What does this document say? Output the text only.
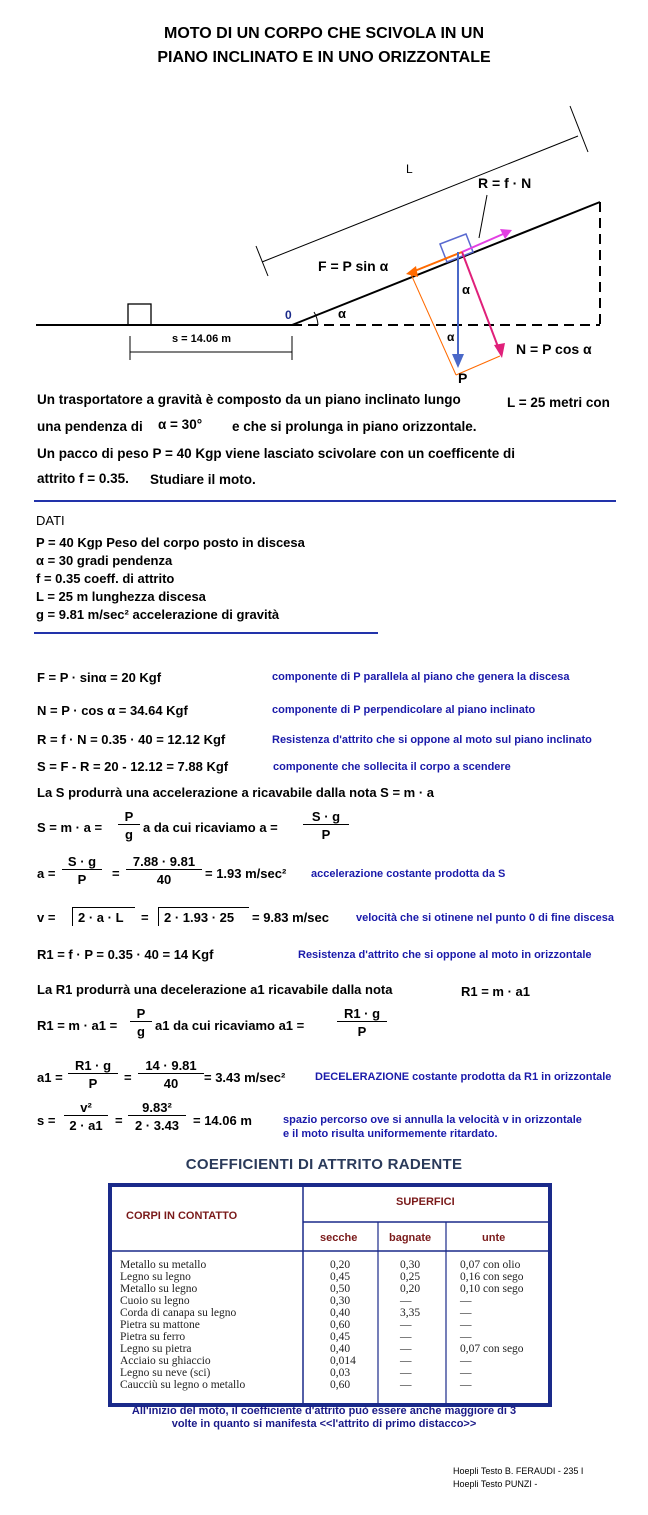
MOTO DI UN CORPO CHE SCIVOLA IN UN
PIANO INCLINATO E IN UNO ORIZZONTALE
L
R = f · N
F = P sin α
α
α
0
α
N = P cos α
P
s = 14.06 m
Un trasportatore a gravità è composto da un piano inclinato lungo	L = 25 metri con
una pendenza di α = 30° e che si prolunga in piano orizzontale.
Un pacco di peso P = 40 Kgp viene lasciato scivolare con un coefficente di
attrito f = 0.35. Studiare il moto.
DATI
P = 40 Kgp Peso del corpo posto in discesa
α = 30 gradi pendenza
f = 0.35 coeff. di attrito
L = 25 m lunghezza discesa
g = 9.81 m/sec² accelerazione di gravità
F = P · sinα = 20 Kgf	componente di P parallela al piano che genera la discesa
N = P · cos α = 34.64 Kgf	componente di P perpendicolare al piano inclinato
R = f · N = 0.35 · 40 = 12.12 Kgf	Resistenza d'attrito che si oppone al moto sul piano inclinato
S = F - R = 20 - 12.12 = 7.88 Kgf	componente che sollecita il corpo a scendere
La S produrrà una accelerazione a ricavabile dalla nota S = m · a
$S = m \cdot a = \frac{P}{g}$ a da cui ricaviamo $a = \frac{S \cdot g}{P}$
$a = \frac{S \cdot g}{P} = \frac{7.88 \cdot 9.81}{40} = 1.93$ m/sec² accelerazione costante prodotta da S
v = 2 · a · L = 2 · 1.93 · 25 = 9.83 m/sec velocità che si otinene nel punto 0 di fine discesa
R1 = f · P = 0.35 · 40 = 14 Kgf	Resistenza d'attrito che si oppone al moto in orizzontale
La R1 produrrà una decelerazione a1 ricavabile dalla nota	R1 = m · a1
$R1 = m \cdot a1 = \frac{P}{g} a1$ da cui ricaviamo a1 =	$\frac{R1 \cdot g}{P}$
$a1 = \frac{R1 \cdot g}{P} = \frac{14 \cdot 9.81}{40} = 3.43$ m/sec²	DECELERAZIONE costante prodotta da R1 in orizzontale
$s = \frac{\text{v²}}{2 \cdot a1} = \frac{\text{9.83²}}{2 \cdot 3.43} = 14.06$ m	spazio percorso ove si annulla la velocità v in orizzontale
e il moto risulta uniformemente ritardato.
COEFFICIENTI DI ATTRITO RADENTE
CORPI IN CONTATTO
SUPERFICI
secche	bagnate	unte
Metallo su metallo	0,20	0,30	0,07 con olio
Legno su legno	0,45	0,25	0,16 con sego
Metallo su legno	0,50	0,20	0,10 con sego
Cuoio su legno	0,30	—	—
Corda di canapa su legno	0,40	3,35	—
Pietra su mattone	0,60	—	—
Pietra su ferro	0,45	—	—
Legno su pietra	0,40	—	0,07 con sego
Acciaio su ghiaccio	0,014	—	—
Legno su neve (sci)	0,03	—	—
Caucciù su legno o metallo	0,60	—	—
All'inizio del moto, il coefficiente d'attrito può essere anche maggiore di 3
volte in quanto si manifesta <<l'attrito di primo distacco>>
Hoepli Testo B. FERAUDI - 235 I
Hoepli Testo PUNZI -
